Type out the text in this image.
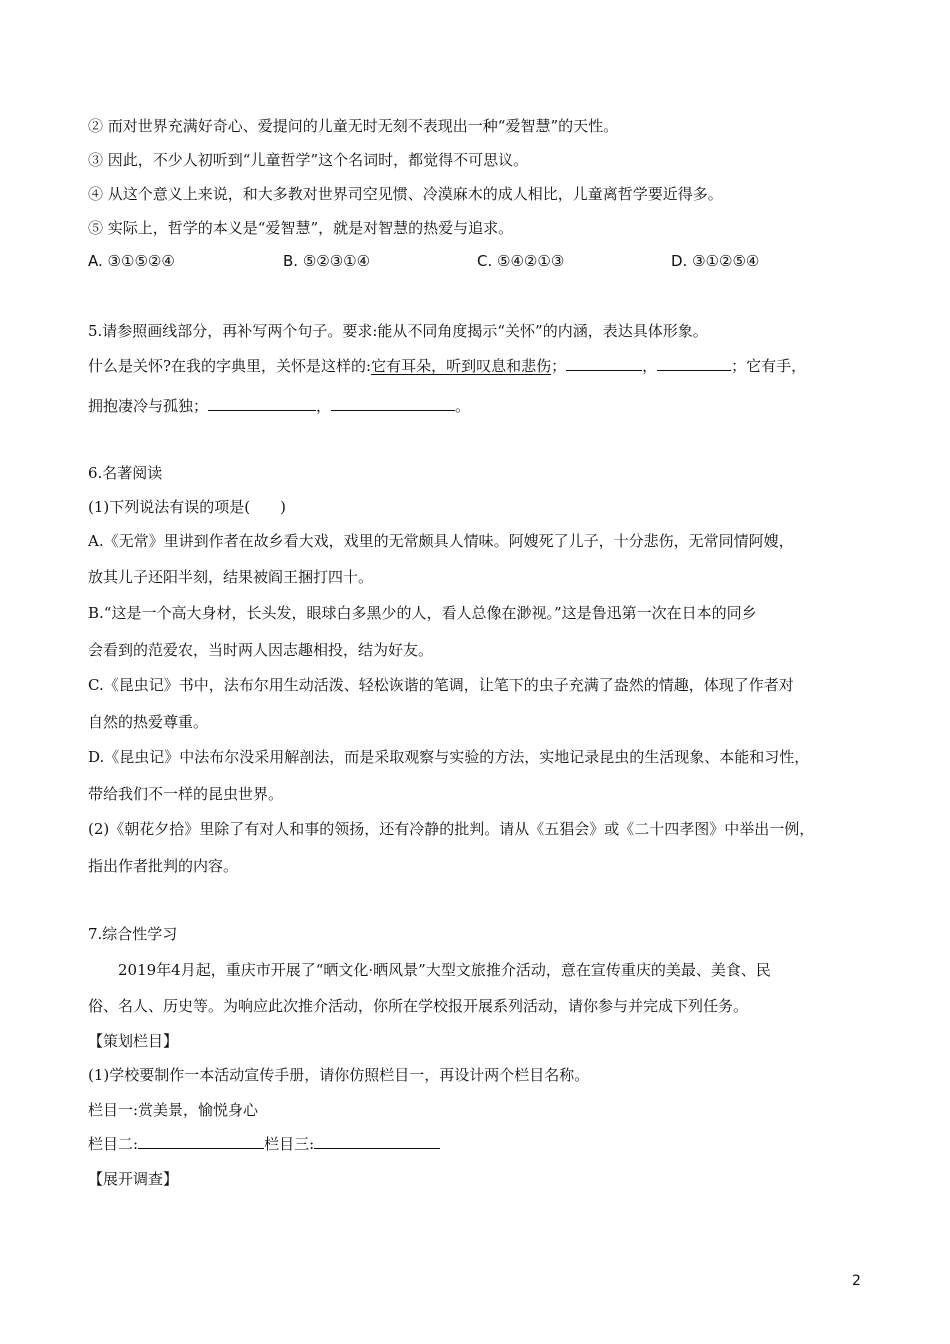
② 而对世界充满好奇心、爱提问的儿童无时无刻不表现出一种“爱智慧”的天性。
③ 因此，不少人初听到“儿童哲学”这个名词时，都觉得不可思议。
④ 从这个意义上来说，和大多教对世界司空见惯、冷漠麻木的成人相比，儿童离哲学要近得多。
⑤ 实际上，哲学的本义是“爱智慧”，就是对智慧的热爱与追求。
A. ③①⑤②④	B. ⑤②③①④	C. ⑤④②①③	D. ③①②⑤④
5.请参照画线部分，再补写两个句子。要求:能从不同角度揭示“关怀”的内涵，表达具体形象。
什么是关怀?在我的字典里，关怀是这样的:它有耳朵，听到叹息和悲伤；	，	；它有手，
拥抱凄冷与孤独；	，	。
6.名著阅读
(1)下列说法有误的项是(　　)
A.《无常》里讲到作者在故乡看大戏，戏里的无常颇具人情味。阿嫂死了儿子，十分悲伤，无常同情阿嫂，
放其儿子还阳半刻，结果被阎王捆打四十。
B.“这是一个高大身材，长头发，眼球白多黑少的人，看人总像在渺视。”这是鲁迅第一次在日本的同乡
会看到的范爱农，当时两人因志趣相投，结为好友。
C.《昆虫记》书中，法布尔用生动活泼、轻松诙谐的笔调，让笔下的虫子充满了盎然的情趣，体现了作者对
自然的热爱尊重。
D.《昆虫记》中法布尔没采用解剖法，而是采取观察与实验的方法，实地记录昆虫的生活现象、本能和习性，
带给我们不一样的昆虫世界。
(2)《朝花夕拾》里除了有对人和事的领扬，还有冷静的批判。请从《五猖会》或《二十四孝图》中举出一例，
指出作者批判的内容。
7.综合性学习
　　2019年4月起，重庆市开展了“晒文化·晒风景”大型文旅推介活动，意在宣传重庆的美最、美食、民
俗、名人、历史等。为响应此次推介活动，你所在学校报开展系列活动，请你参与并完成下列任务。
【策划栏目】
(1)学校要制作一本活动宣传手册，请你仿照栏目一，再设计两个栏目名称。
栏目一:赏美景，愉悦身心
栏目二:	栏目三:
【展开调查】
2
